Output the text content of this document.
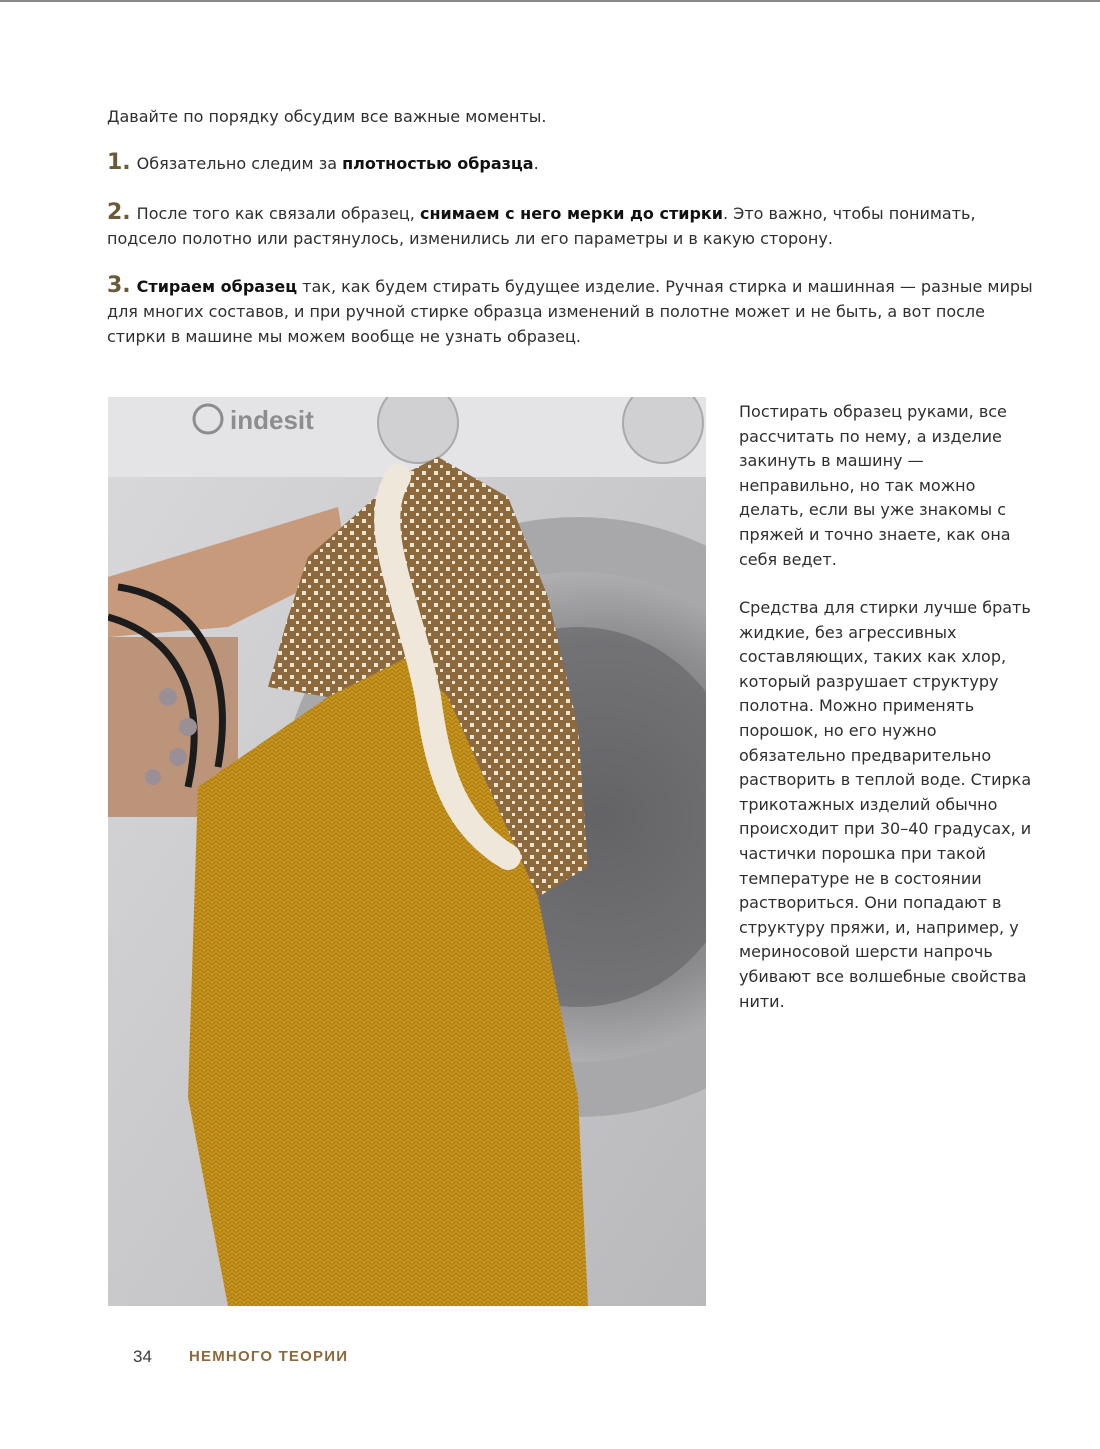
Давайте по порядку обсудим все важные моменты.
1. Обязательно следим за плотностью образца.
2. После того как связали образец, снимаем с него мерки до стирки. Это важно, чтобы понимать, подсело полотно или растянулось, изменились ли его параметры и в какую сторону.
3. Стираем образец так, как будем стирать будущее изделие. Ручная стирка и машинная — разные миры для многих составов, и при ручной стирке образца изменений в полотне может и не быть, а вот после стирки в машине мы можем вообще не узнать образец.
indesit	Постирать образец руками, все рассчитать по нему, а изделие закинуть в машину — неправильно, но так можно делать, если вы уже знакомы с пряжей и точно знаете, как она себя ведет.

Средства для стирки лучше брать жидкие, без агрессивных составляющих, таких как хлор, который разрушает структуру полотна. Можно применять порошок, но его нужно обязательно предварительно растворить в теплой воде. Стирка трикотажных изделий обычно происходит при 30–40 градусах, и частички порошка при такой температуре не в состоянии раствориться. Они попадают в структуру пряжи, и, например, у мериносовой шерсти напрочь убивают все волшебные свойства нити.

34 НЕМНОГО ТЕОРИИ
